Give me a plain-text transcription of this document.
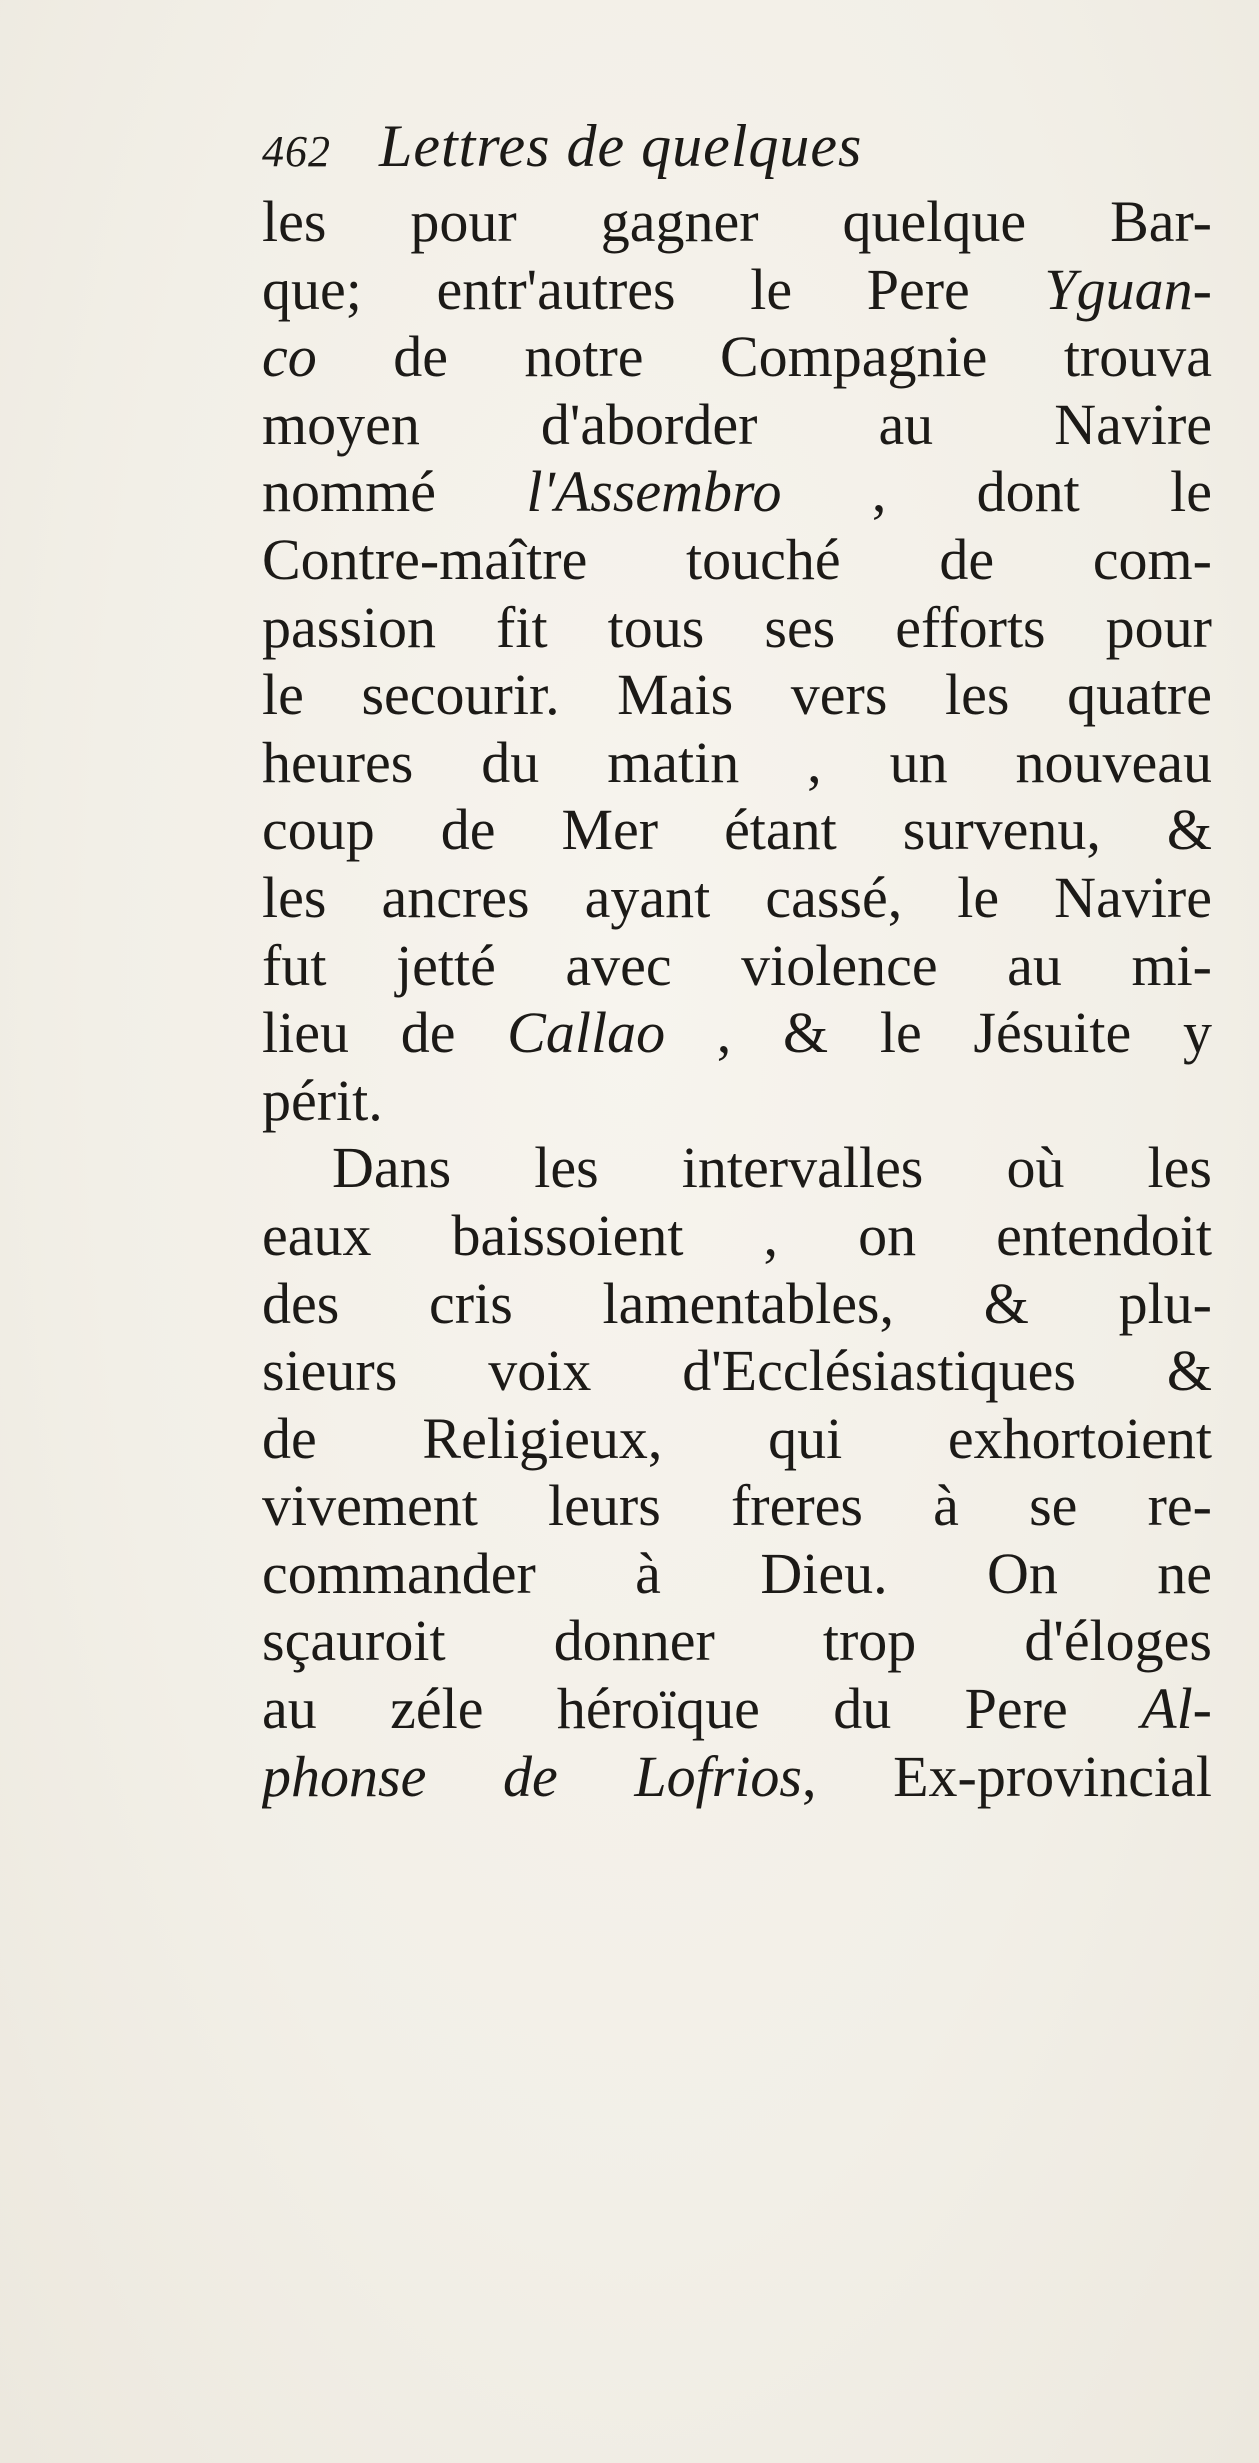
462 Lettres de quelques
les pour gagner quelque Bar-
que; entr'autres le Pere Yguan-
co de notre Compagnie trouva
moyen d'aborder au Navire
nommé l'Assembro , dont le
Contre-maître touché de com-
passion fit tous ses efforts pour
le secourir. Mais vers les quatre
heures du matin , un nouveau
coup de Mer étant survenu, &
les ancres ayant cassé, le Navire
fut jetté avec violence au mi-
lieu de Callao , & le Jésuite y
périt.
Dans les intervalles où les
eaux baissoient , on entendoit
des cris lamentables, & plu-
sieurs voix d'Ecclésiastiques &
de Religieux, qui exhortoient
vivement leurs freres à se re-
commander à Dieu. On ne
sçauroit donner trop d'éloges
au zéle héroïque du Pere Al-
phonse de Lofrios, Ex-provincial
